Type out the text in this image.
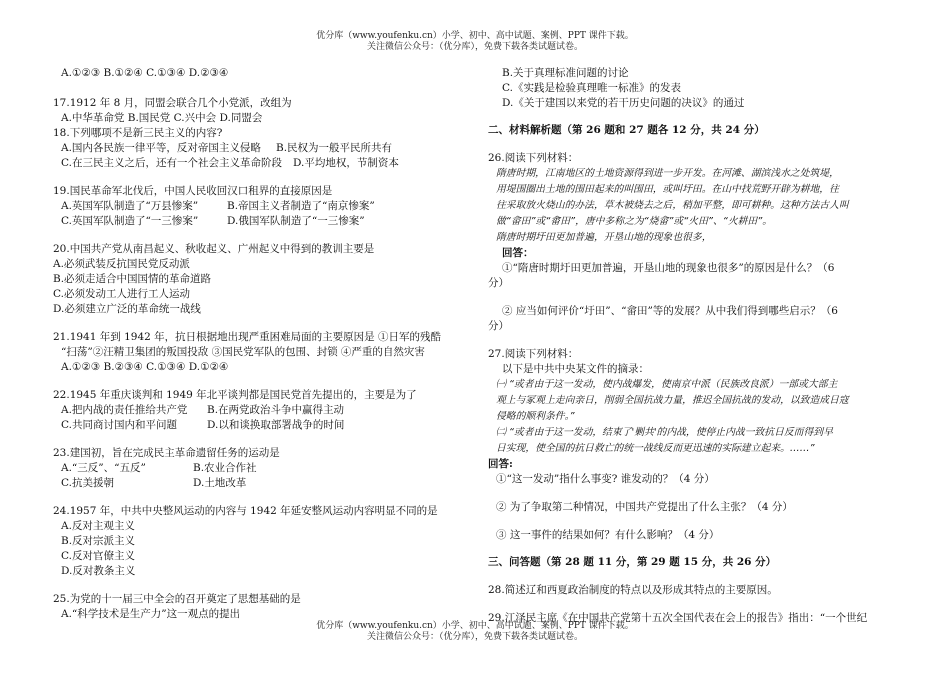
优分库（www.youfenku.cn）小学、初中、高中试题、案例、PPT 课件下载。
关注微信公众号：（优分库），免费下载各类试题试卷。
A.①②③ B.①②④ C.①③④ D.②③④
17.1912 年 8 月，同盟会联合几个小党派，改组为
A.中华革命党 B.国民党 C.兴中会 D.同盟会
18.下列哪项不是新三民主义的内容?
A.国内各民族一律平等，反对帝国主义侵略	B.民权为一般平民所共有
C.在三民主义之后，还有一个社会主义革命阶段	D.平均地权，节制资本
19.国民革命军北伐后，中国人民收回汉口租界的直接原因是
A.英国军队制造了“万县惨案”	B.帝国主义者制造了“南京惨案”
C.英国军队制造了“一三惨案”	D.俄国军队制造了“一三惨案”
20.中国共产党从南昌起义、秋收起义、广州起义中得到的教训主要是
A.必须武装反抗国民党反动派
B.必须走适合中国国情的革命道路
C.必须发动工人进行工人运动
D.必须建立广泛的革命统一战线
21.1941 年到 1942 年，抗日根据地出现严重困难局面的主要原因是 ①日军的残酷
“扫荡”②汪精卫集团的叛国投敌 ③国民党军队的包围、封锁 ④严重的自然灾害
A.①②③ B.②③④ C.①③④ D.①②④
22.1945 年重庆谈判和 1949 年北平谈判都是国民党首先提出的，主要是为了
A.把内战的责任推给共产党	B.在两党政治斗争中赢得主动
C.共同商讨国内和平问题	D.以和谈换取部署战争的时间
23.建国初，旨在完成民主革命遗留任务的运动是
A.“三反”、“五反”	B.农业合作社
C.抗美援朝	D.土地改革
24.1957 年，中共中央整风运动的内容与 1942 年延安整风运动内容明显不同的是
A.反对主观主义
B.反对宗派主义
C.反对官僚主义
D.反对教条主义
25.为党的十一届三中全会的召开奠定了思想基础的是
A.“科学技术是生产力”这一观点的提出
B.关于真理标准问题的讨论
C.《实践是检验真理唯一标准》的发表
D.《关于建国以来党的若干历史问题的决议》的通过
二、材料解析题（第 26 题和 27 题各 12 分，共 24 分）
26.阅读下列材料：
隋唐时期，江南地区的土地资源得到进一步开发。在河滩、湖滨浅水之处筑堤，
用堤围圈出土地的围田起来的叫围田，或叫圩田。在山中找荒野开辟为耕地，往
往采取放火烧山的办法，草木被烧去之后，稍加平整，即可耕种。这种方法古人叫
做“畲田”或“畬田”，唐中多称之为“烧畲”或“火田”、“火耕田”。
隋唐时期圩田更加普遍，开垦山地的现象也很多，
回答：
①“隋唐时期圩田更加普遍，开垦山地的现象也很多”的原因是什么？（6
分）
② 应当如何评价“圩田”、“畲田”等的发展？从中我们得到哪些启示？（6
分）
27.阅读下列材料：
以下是中共中央某文件的摘录：
㈠ “或者由于这一发动，使内战爆发，使南京中派（民族改良派）一部或大部主
观上与冢观上走向亲日，削弱全国抗战力量，推迟全国抗战的发动，以致造成日寇
侵略的顺利条件。”
㈡ “或者由于这一发动，结束了'剿共'的内战，使停止内战一致抗日反而得到早
日实现，使全国的抗日救亡的统一战线反而更迅速的实际建立起来。……”
回答:
①“这一发动”指什么事变? 谁发动的？（4 分）
② 为了争取第二种情况，中国共产党提出了什么主张？（4 分）
③ 这一事件的结果如何？有什么影响？（4 分）
三、问答题（第 28 题 11 分，第 29 题 15 分，共 26 分）
28.简述辽和西夏政治制度的特点以及形成其特点的主要原因。
29.江泽民主席《在中国共产党第十五次全国代表在会上的报告》指出：“一个世纪
优分库（www.youfenku.cn）小学、初中、高中试题、案例、PPT 课件下载。
关注微信公众号：（优分库），免费下载各类试题试卷。
